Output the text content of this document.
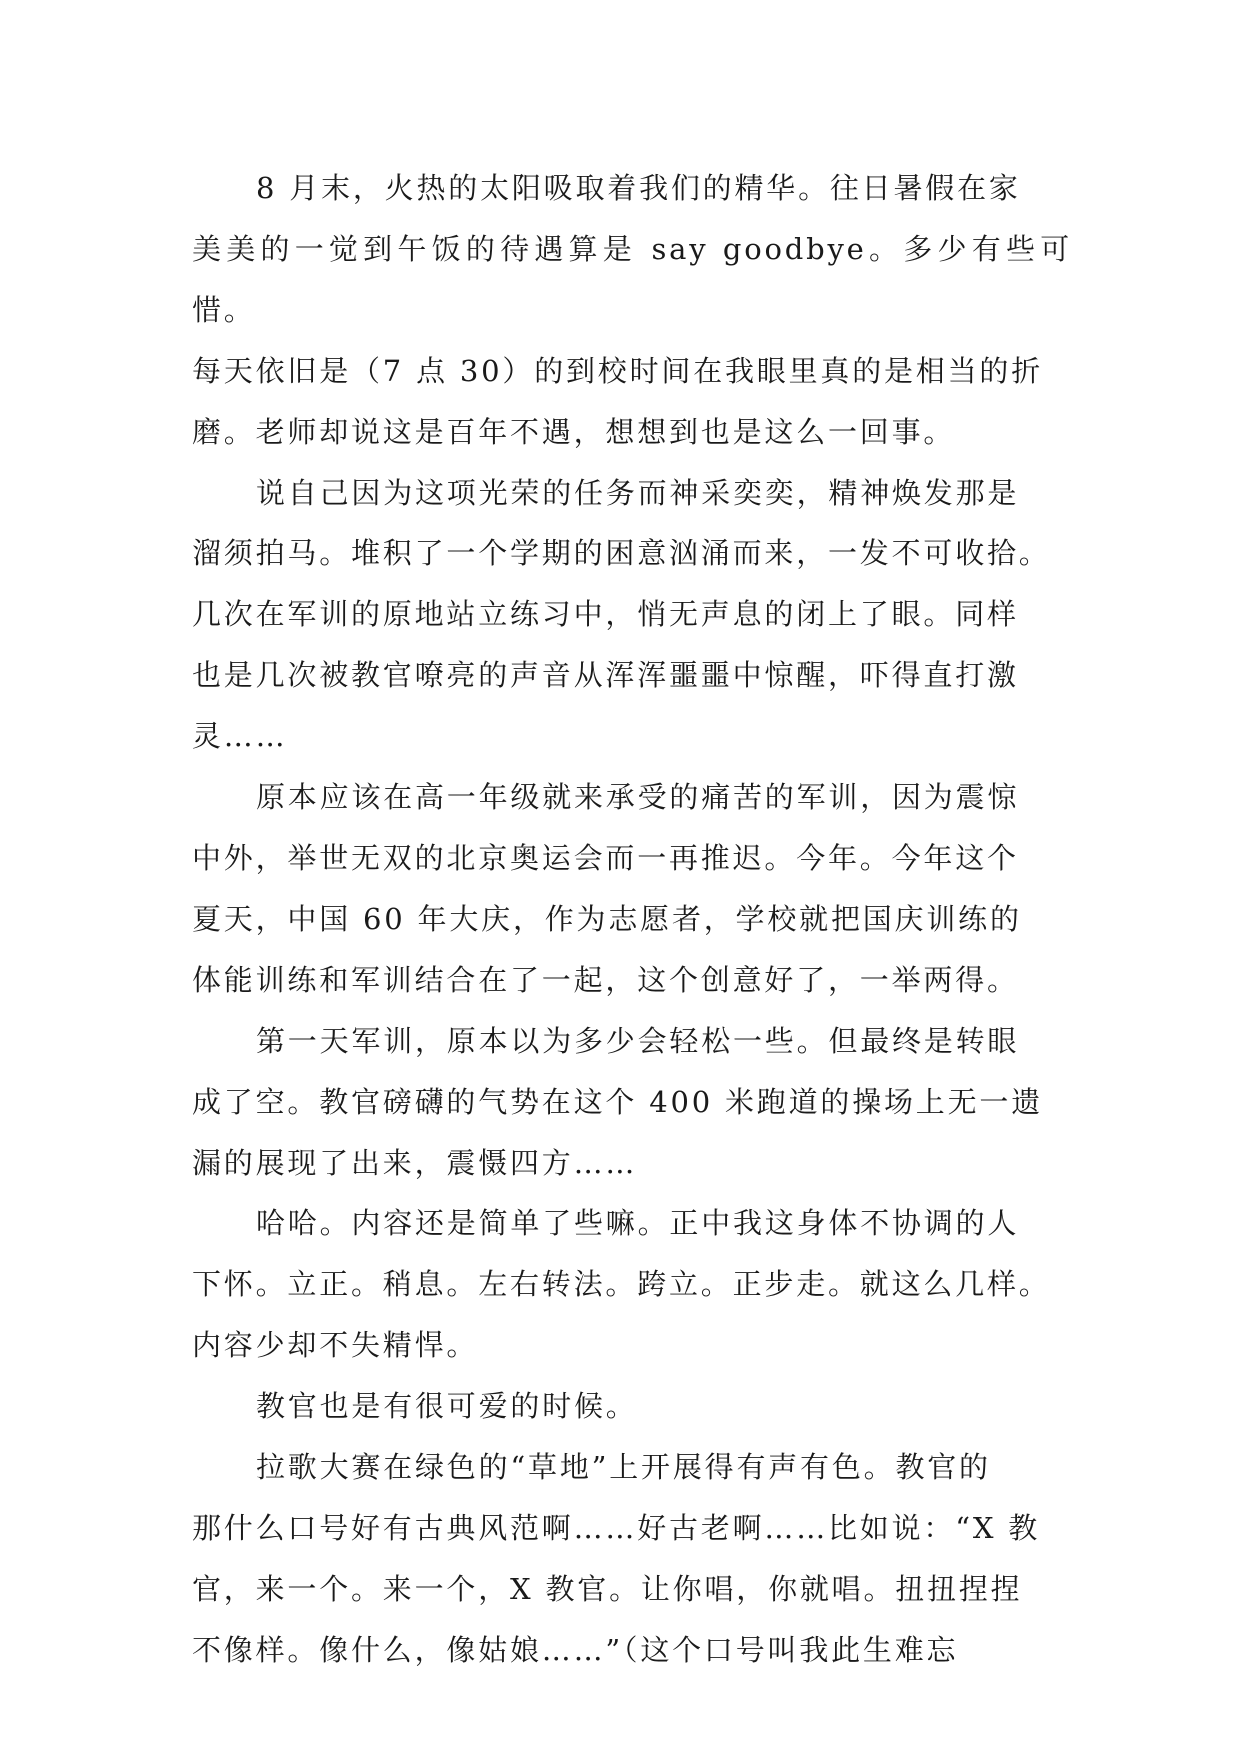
8 月末，火热的太阳吸取着我们的精华。往日暑假在家
美美的一觉到午饭的待遇算是 say goodbye。多少有些可惜。
每天依旧是（7 点 30）的到校时间在我眼里真的是相当的折
磨。老师却说这是百年不遇，想想到也是这么一回事。

说自己因为这项光荣的任务而神采奕奕，精神焕发那是
溜须拍马。堆积了一个学期的困意汹涌而来，一发不可收拾。
几次在军训的原地站立练习中，悄无声息的闭上了眼。同样
也是几次被教官嘹亮的声音从浑浑噩噩中惊醒，吓得直打激
灵……

原本应该在高一年级就来承受的痛苦的军训，因为震惊
中外，举世无双的北京奥运会而一再推迟。今年。今年这个
夏天，中国 60 年大庆，作为志愿者，学校就把国庆训练的
体能训练和军训结合在了一起，这个创意好了，一举两得。

第一天军训，原本以为多少会轻松一些。但最终是转眼
成了空。教官磅礴的气势在这个 400 米跑道的操场上无一遗
漏的展现了出来，震慑四方……

哈哈。内容还是简单了些嘛。正中我这身体不协调的人
下怀。立正。稍息。左右转法。跨立。正步走。就这么几样。
内容少却不失精悍。

教官也是有很可爱的时候。

拉歌大赛在绿色的“草地”上开展得有声有色。教官的
那什么口号好有古典风范啊……好古老啊……比如说：“X 教
官，来一个。来一个，X 教官。让你唱，你就唱。扭扭捏捏
不像样。像什么，像姑娘……”（这个口号叫我此生难忘
